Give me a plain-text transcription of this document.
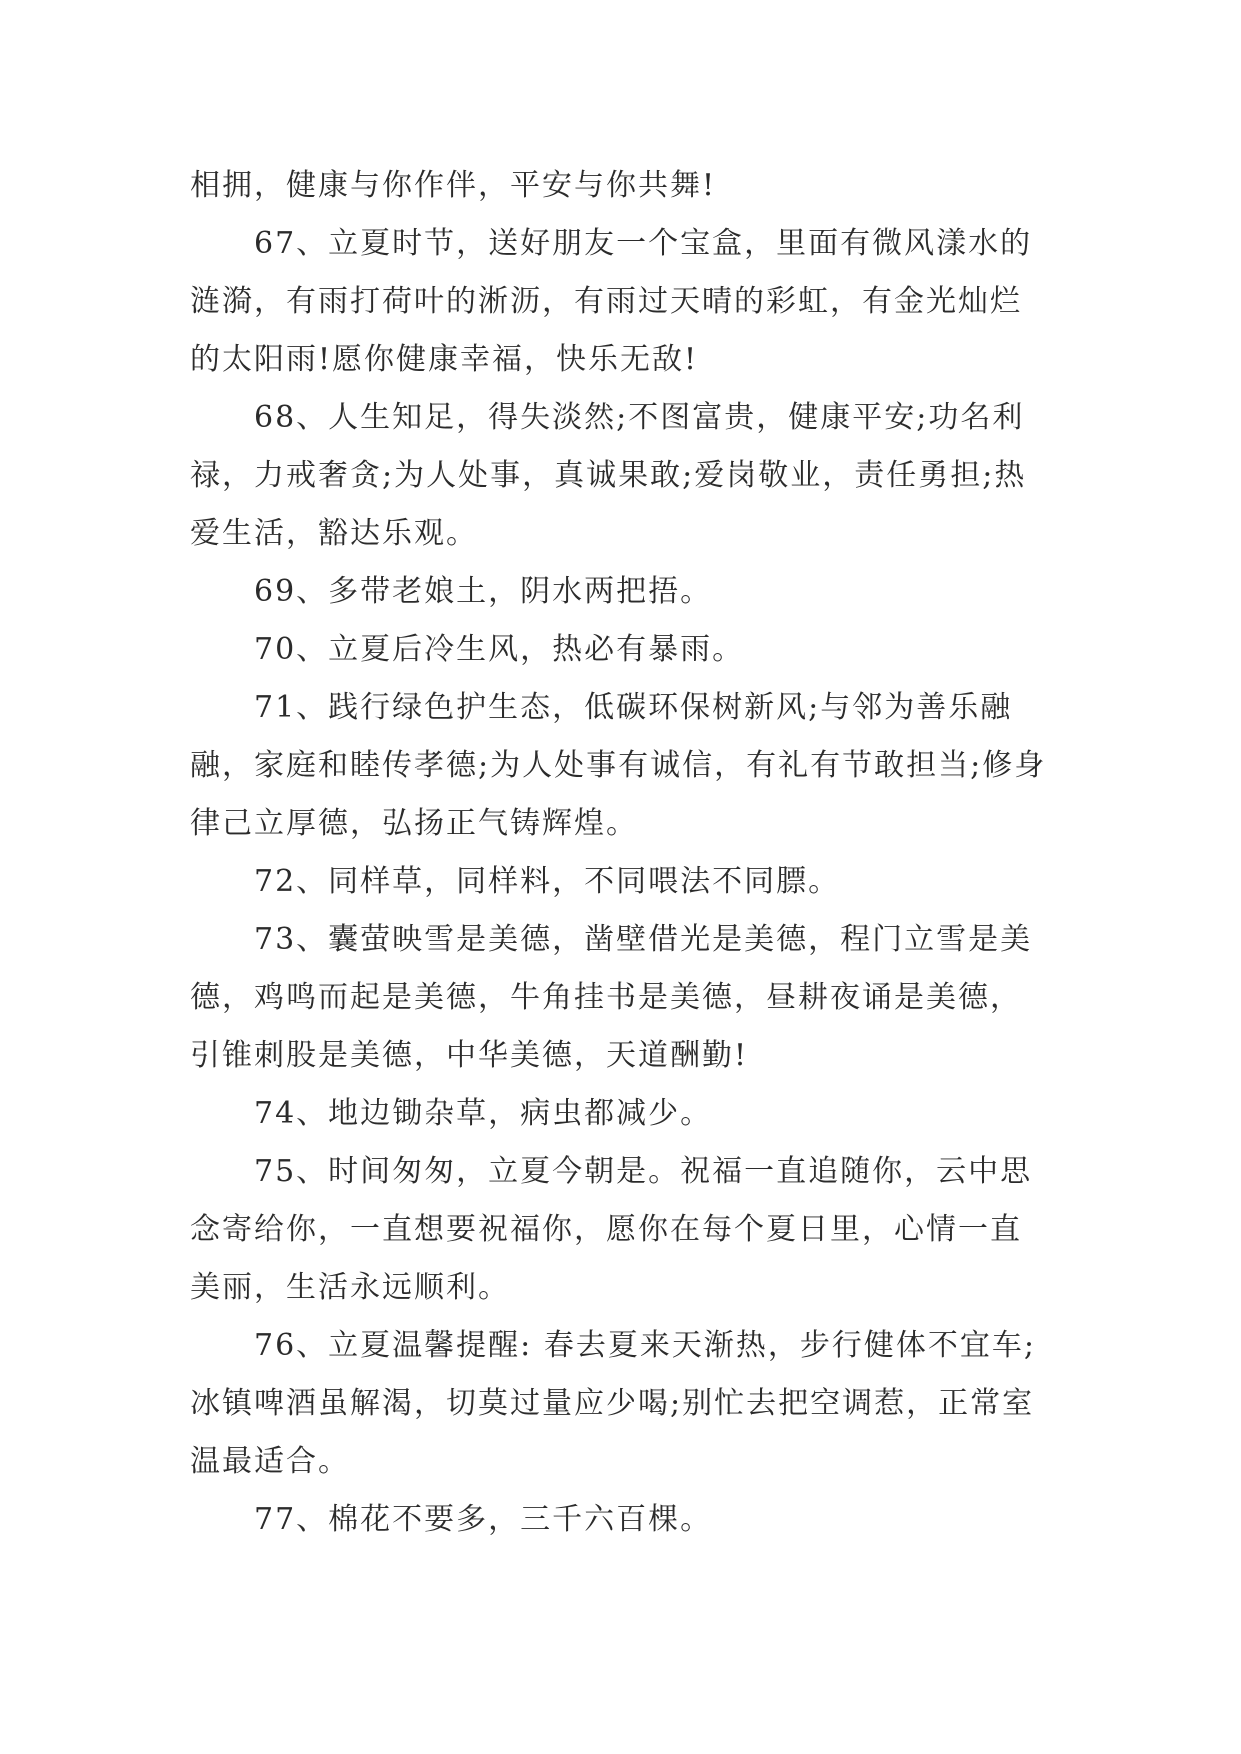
相拥，健康与你作伴，平安与你共舞!

　　67、立夏时节，送好朋友一个宝盒，里面有微风漾水的涟漪，有雨打荷叶的淅沥，有雨过天晴的彩虹，有金光灿烂的太阳雨!愿你健康幸福，快乐无敌!

　　68、人生知足，得失淡然;不图富贵，健康平安;功名利禄，力戒奢贪;为人处事，真诚果敢;爱岗敬业，责任勇担;热爱生活，豁达乐观。

　　69、多带老娘土，阴水两把捂。

　　70、立夏后冷生风，热必有暴雨。

　　71、践行绿色护生态，低碳环保树新风;与邻为善乐融融，家庭和睦传孝德;为人处事有诚信，有礼有节敢担当;修身律己立厚德，弘扬正气铸辉煌。

　　72、同样草，同样料，不同喂法不同膘。

　　73、囊萤映雪是美德，凿壁借光是美德，程门立雪是美德，鸡鸣而起是美德，牛角挂书是美德，昼耕夜诵是美德，引锥刺股是美德，中华美德，天道酬勤!

　　74、地边锄杂草，病虫都减少。

　　75、时间匆匆，立夏今朝是。祝福一直追随你，云中思念寄给你，一直想要祝福你，愿你在每个夏日里，心情一直美丽，生活永远顺利。

　　76、立夏温馨提醒: 春去夏来天渐热，步行健体不宜车;冰镇啤酒虽解渴，切莫过量应少喝;别忙去把空调惹，正常室温最适合。

　　77、棉花不要多，三千六百棵。
